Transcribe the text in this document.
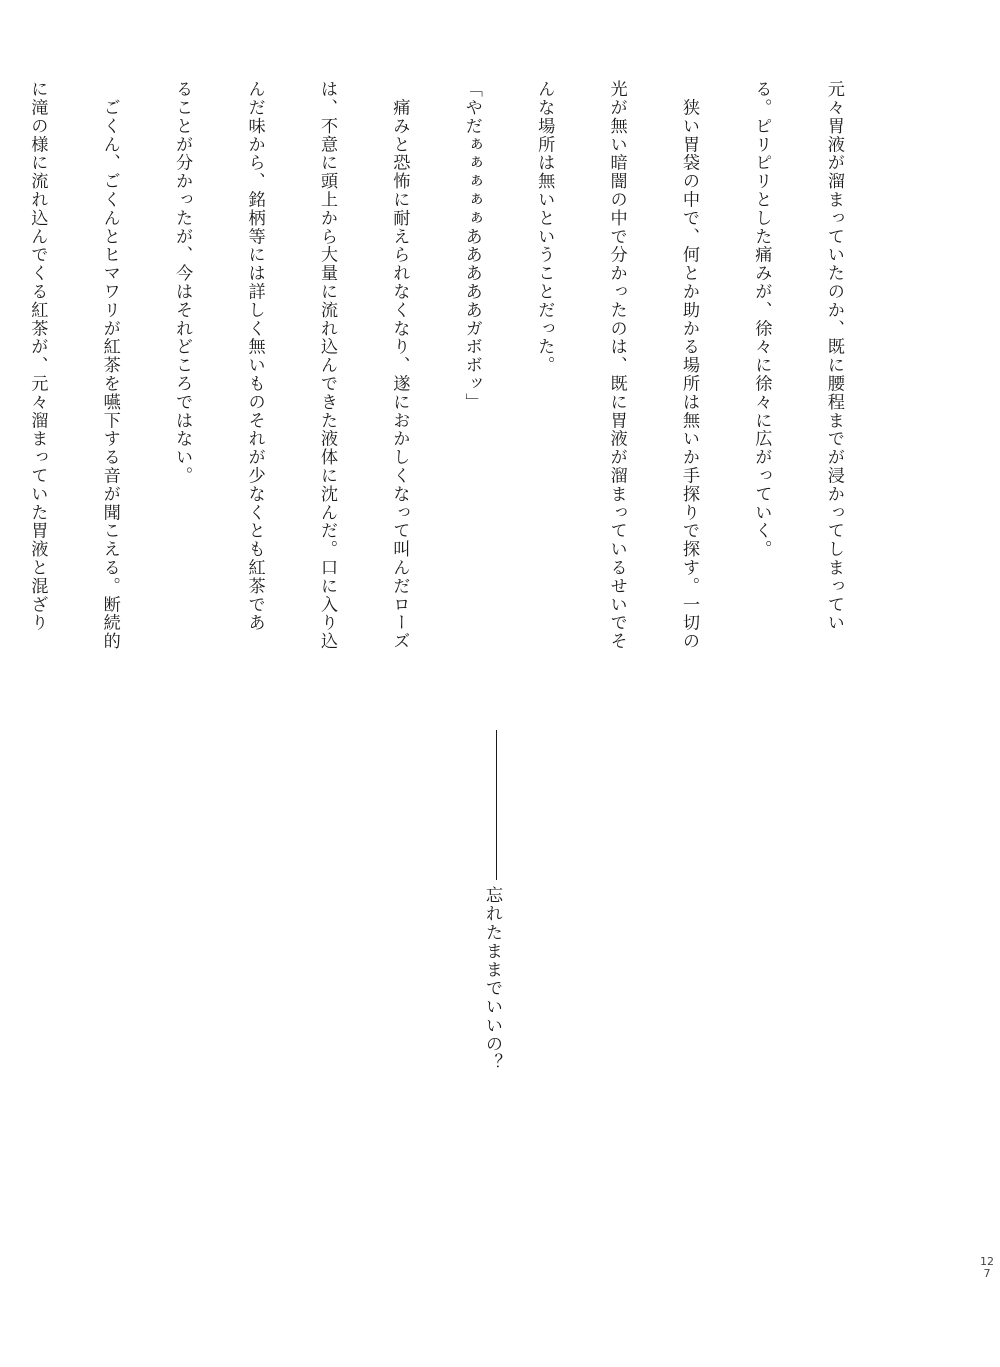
元々胃液が溜まっていたのか、既に腰程までが浸かってしまってい

る。ピリピリとした痛みが、徐々に徐々に広がっていく。

　狭い胃袋の中で、何とか助かる場所は無いか手探りで探す。一切の

光が無い暗闇の中で分かったのは、既に胃液が溜まっているせいでそ

んな場所は無いということだった。

「やだぁぁぁぁぁあああああガボボッ」

　痛みと恐怖に耐えられなくなり、遂におかしくなって叫んだローズ

は、不意に頭上から大量に流れ込んできた液体に沈んだ。口に入り込

んだ味から、銘柄等には詳しく無いものそれが少なくとも紅茶であ

ることが分かったが、今はそれどころではない。

　ごくん、ごくんとヒマワリが紅茶を嚥下する音が聞こえる。断続的

に滝の様に流れ込んでくる紅茶が、元々溜まっていた胃液と混ざり

忘れたままでいいの？
127
